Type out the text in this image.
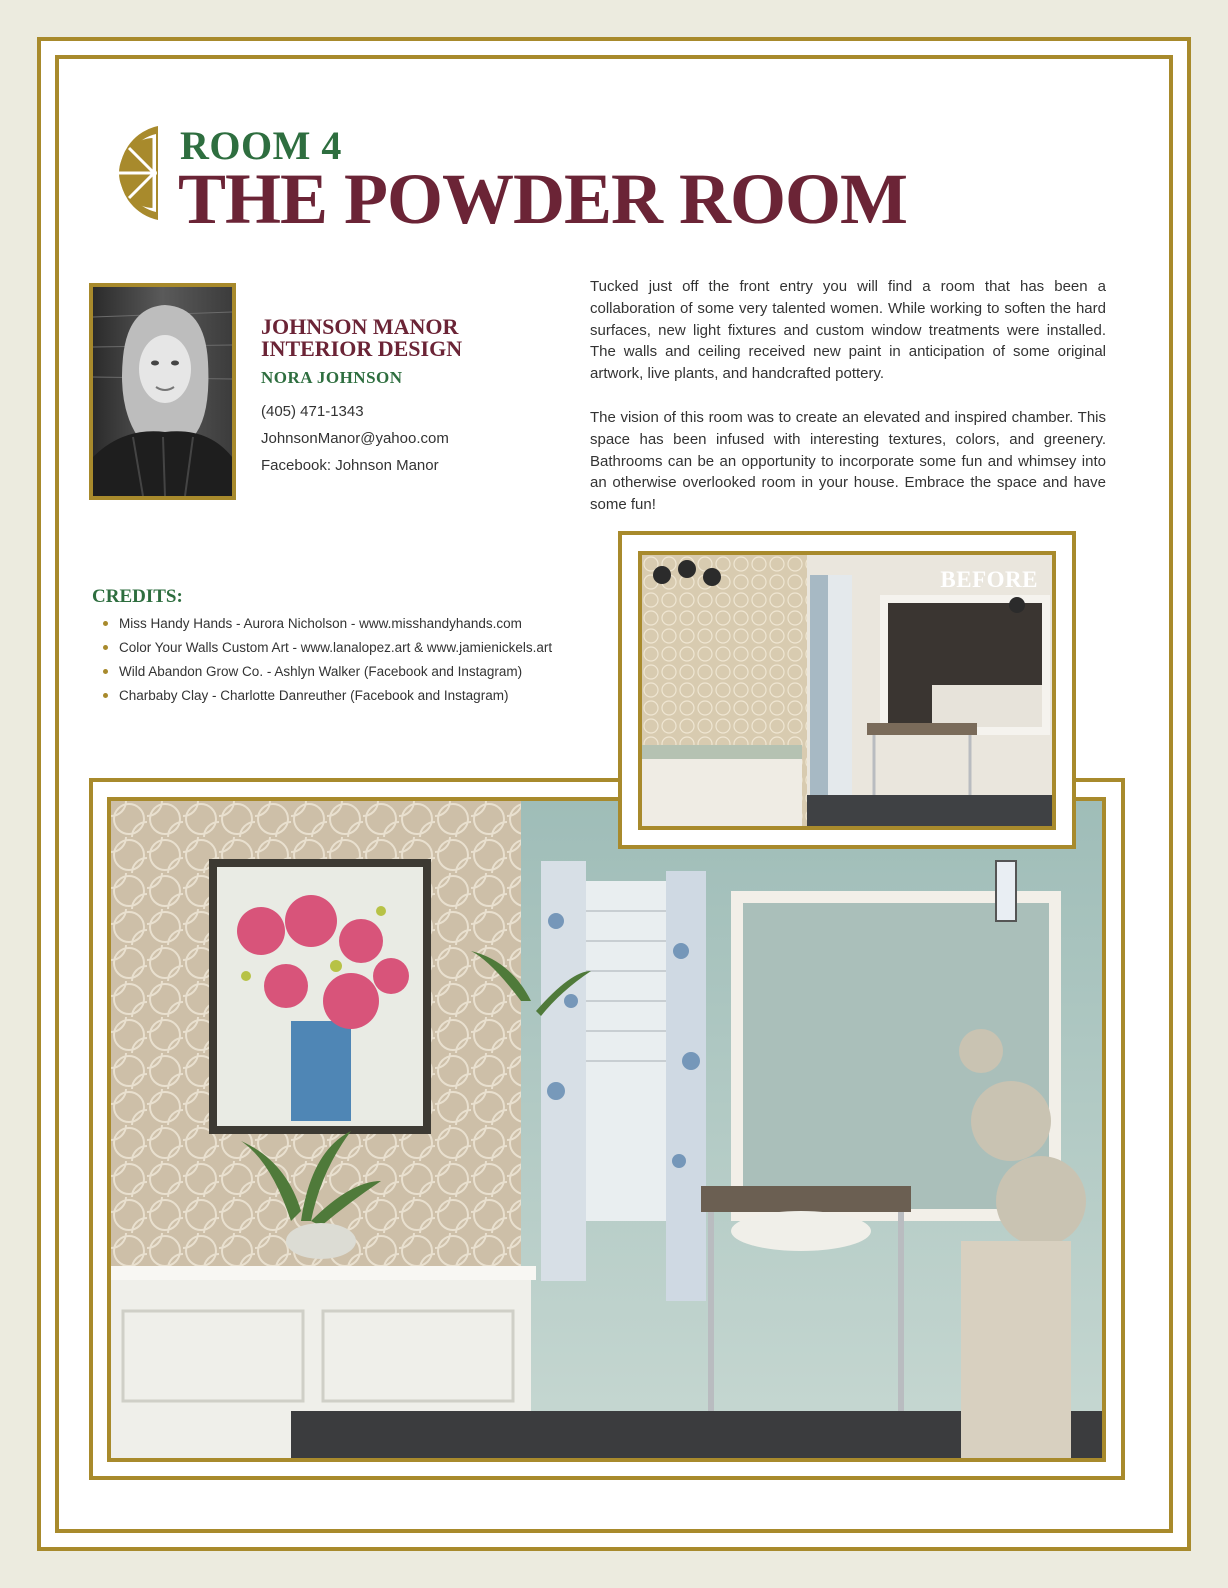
ROOM 4
THE POWDER ROOM
JOHNSON MANOR
INTERIOR DESIGN
NORA JOHNSON
(405) 471-1343
JohnsonManor@yahoo.com
Facebook: Johnson Manor

Tucked just off the front entry you will find a room that has been a collaboration of some very talented women. While working to soften the hard surfaces, new light fixtures and custom window treatments were installed. The walls and ceiling received new paint in anticipation of some original artwork, live plants, and handcrafted pottery.

The vision of this room was to create an elevated and inspired chamber. This space has been infused with interesting textures, colors, and greenery. Bathrooms can be an opportunity to incorporate some fun and whimsey into an otherwise overlooked room in your house. Embrace the space and have some fun!

CREDITS:
Miss Handy Hands - Aurora Nicholson - www.misshandyhands.com
Color Your Walls Custom Art - www.lanalopez.art & www.jamienickels.art
Wild Abandon Grow Co. - Ashlyn Walker (Facebook and Instagram)
Charbaby Clay - Charlotte Danreuther (Facebook and Instagram)
BEFORE
